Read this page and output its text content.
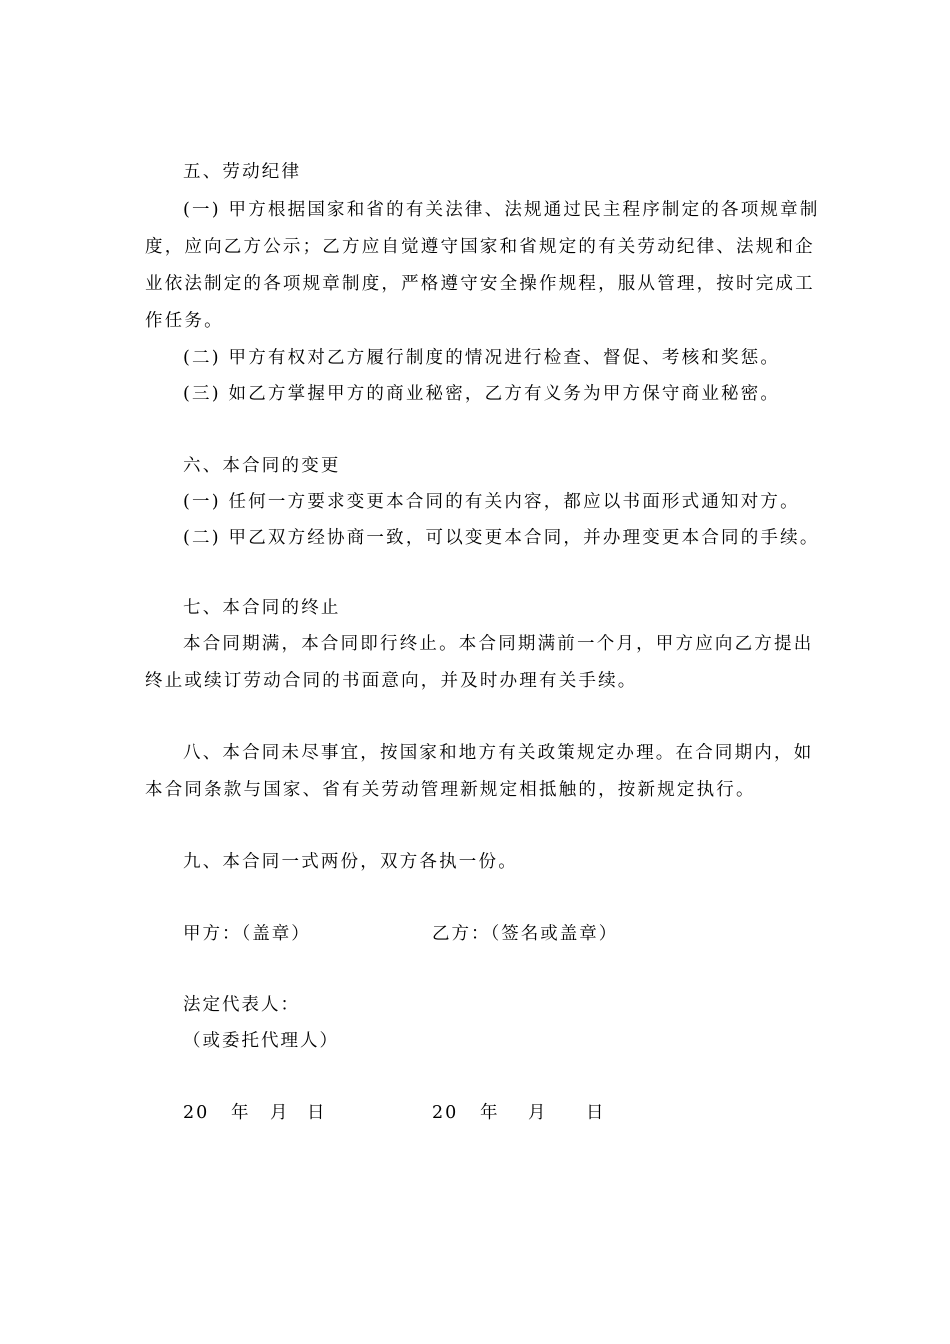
五、劳动纪律
(一) 甲方根据国家和省的有关法律、法规通过民主程序制定的各项规章制
度，应向乙方公示；乙方应自觉遵守国家和省规定的有关劳动纪律、法规和企
业依法制定的各项规章制度，严格遵守安全操作规程，服从管理，按时完成工
作任务。
(二) 甲方有权对乙方履行制度的情况进行检查、督促、考核和奖惩。
(三) 如乙方掌握甲方的商业秘密，乙方有义务为甲方保守商业秘密。
六、本合同的变更
(一) 任何一方要求变更本合同的有关内容，都应以书面形式通知对方。
(二) 甲乙双方经协商一致，可以变更本合同，并办理变更本合同的手续。
七、本合同的终止
本合同期满，本合同即行终止。本合同期满前一个月，甲方应向乙方提出
终止或续订劳动合同的书面意向，并及时办理有关手续。
八、本合同未尽事宜，按国家和地方有关政策规定办理。在合同期内，如
本合同条款与国家、省有关劳动管理新规定相抵触的，按新规定执行。
九、本合同一式两份，双方各执一份。
甲方：（盖章）	乙方：（签名或盖章）
法定代表人：
（或委托代理人）
20 年 月 日	20 年 月 日
